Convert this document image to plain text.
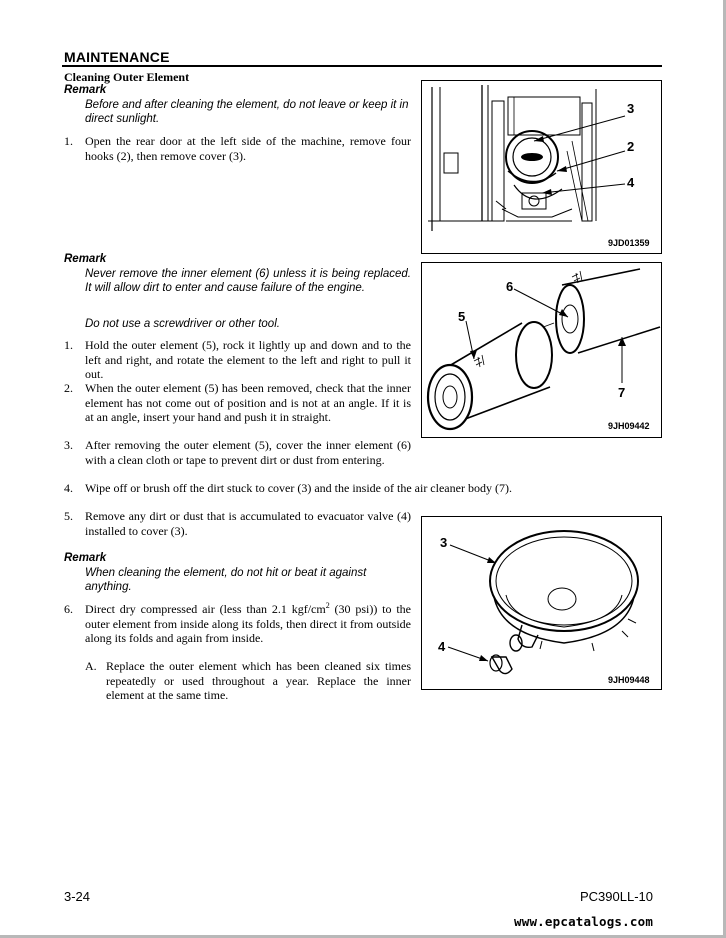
MAINTENANCE
Cleaning Outer Element
Remark
Before and after cleaning the element, do not leave or keep it in direct sunlight.
1. Open the rear door at the left side of the machine, remove four hooks (2), then remove cover (3).
3
2
4
9JD01359
Remark
Never remove the inner element (6) unless it is being replaced. It will allow dirt to enter and cause failure of the engine.
Do not use a screwdriver or other tool.
6
5
7
9JH09442
1. Hold the outer element (5), rock it lightly up and down and to the left and right, and rotate the element to the left and right to pull it out.
2. When the outer element (5) has been removed, check that the inner element has not come out of position and is not at an angle. If it is at an angle, insert your hand and push it in straight.
3. After removing the outer element (5), cover the inner element (6) with a clean cloth or tape to prevent dirt or dust from entering.
4. Wipe off or brush off the dirt stuck to cover (3) and the inside of the air cleaner body (7).
5. Remove any dirt or dust that is accumulated to evacuator valve (4) installed to cover (3).
Remark
When cleaning the element, do not hit or beat it against anything.
6. Direct dry compressed air (less than 2.1 kgf/$cm^2$ (30 psi)) to the outer element from inside along its folds, then direct it from outside along its folds and again from inside.
A. Replace the outer element which has been cleaned six times repeatedly or used throughout a year. Replace the inner element at the same time.
3
4
9JH09448
3-24	PC390LL-10
www.epcatalogs.com
